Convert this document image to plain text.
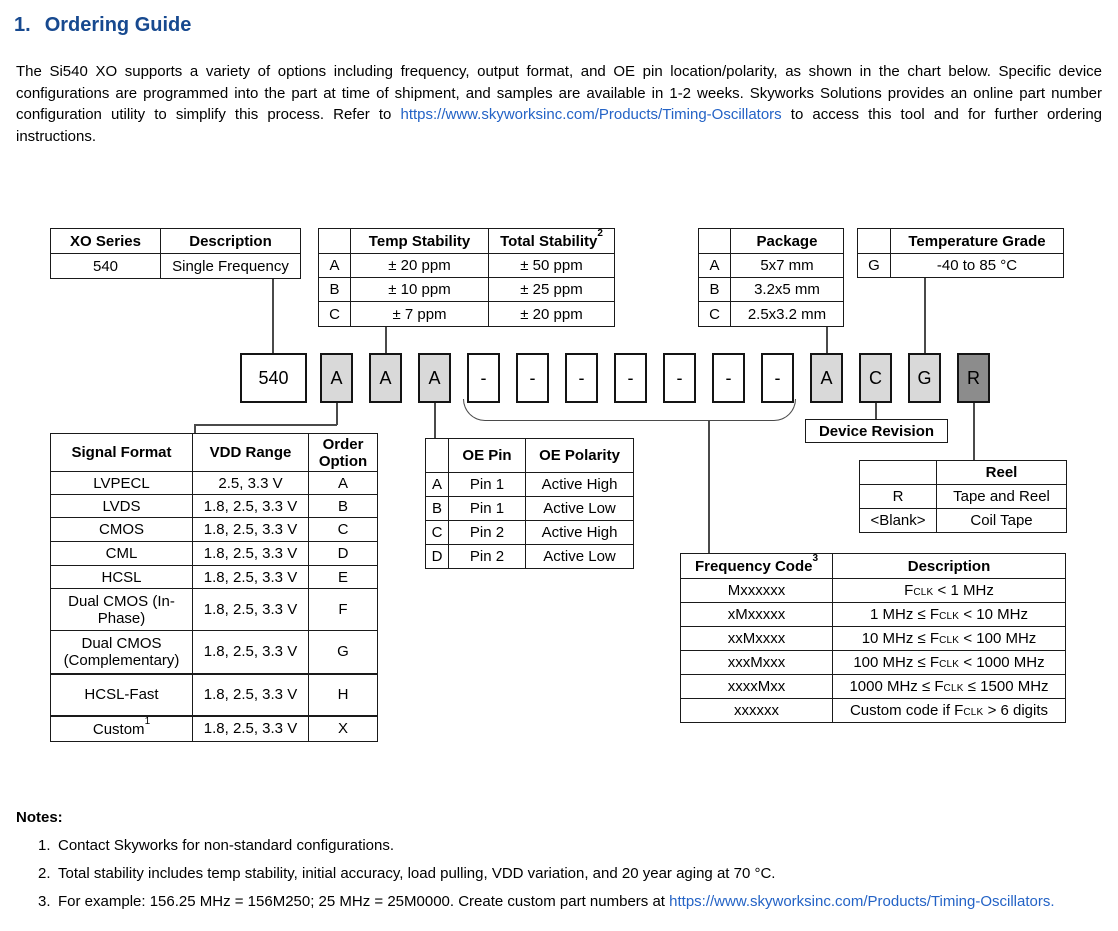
1. Ordering Guide
The Si540 XO supports a variety of options including frequency, output format, and OE pin location/polarity, as shown in the chart below. Specific device configurations are programmed into the part at time of shipment, and samples are available in 1-2 weeks. Skyworks Solutions provides an online part number configuration utility to simplify this process. Refer to https://www.skyworksinc.com/Products/Timing-Oscillators to access this tool and for further ordering instructions.
XO Series	Description
540	Single Frequency
	Temp Stability	Total Stability$^2$
A	± 20 ppm	± 50 ppm
B	± 10 ppm	± 25 ppm
C	± 7 ppm	± 20 ppm
	Package
A	5x7 mm
B	3.2x5 mm
C	2.5x3.2 mm
	Temperature Grade
G	-40 to 85 °C
540	A	A	A	-	-	-	-	-	-	-	A	C	G	R
Device Revision
Signal Format	VDD Range	Order Option
LVPECL	2.5, 3.3 V	A
LVDS	1.8, 2.5, 3.3 V	B
CMOS	1.8, 2.5, 3.3 V	C
CML	1.8, 2.5, 3.3 V	D
HCSL	1.8, 2.5, 3.3 V	E
Dual CMOS (In-Phase)	1.8, 2.5, 3.3 V	F
Dual CMOS (Complementary)	1.8, 2.5, 3.3 V	G
HCSL-Fast	1.8, 2.5, 3.3 V	H
Custom$^1$	1.8, 2.5, 3.3 V	X
	OE Pin	OE Polarity
A	Pin 1	Active High
B	Pin 1	Active Low
C	Pin 2	Active High
D	Pin 2	Active Low
	Reel
R	Tape and Reel
<Blank>	Coil Tape
Frequency Code$^3$	Description
Mxxxxxx	FCLK < 1 MHz
xMxxxxx	1 MHz ≤ FCLK < 10 MHz
xxMxxxx	10 MHz ≤ FCLK < 100 MHz
xxxMxxx	100 MHz ≤ FCLK < 1000 MHz
xxxxMxx	1000 MHz ≤ FCLK ≤ 1500 MHz
xxxxxx	Custom code if FCLK > 6 digits
Notes:
1. Contact Skyworks for non-standard configurations.
2. Total stability includes temp stability, initial accuracy, load pulling, VDD variation, and 20 year aging at 70 °C.
3. For example: 156.25 MHz = 156M250; 25 MHz = 25M0000. Create custom part numbers at https://www.skyworksinc.com/Products/Timing-Oscillators.
